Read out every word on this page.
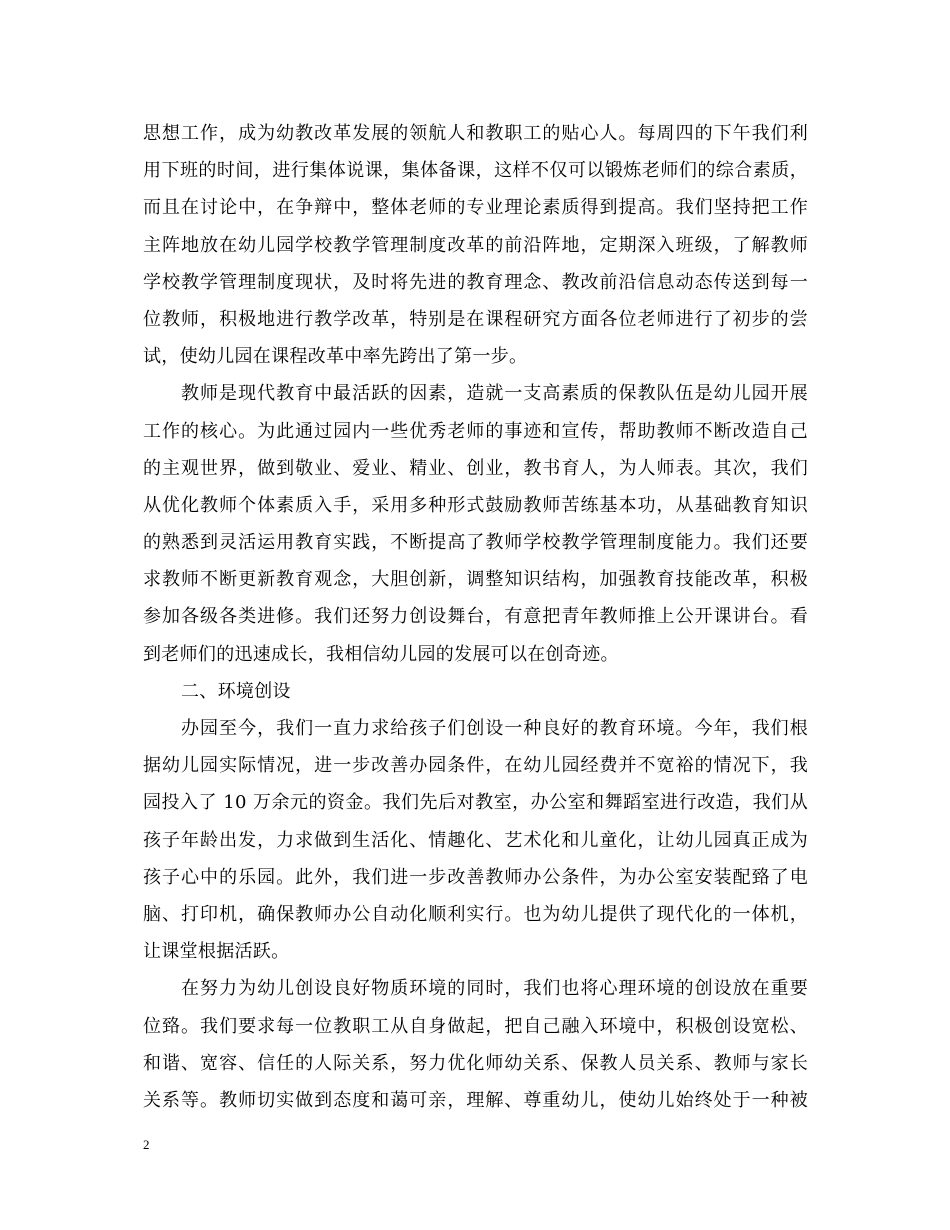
思想工作，成为幼教改革发展的领航人和教职工的贴心人。每周四的下午我们利
用下班的时间，进行集体说课，集体备课，这样不仅可以锻炼老师们的综合素质，
而且在讨论中，在争辩中，整体老师的专业理论素质得到提高。我们坚持把工作
主阵地放在幼儿园学校教学管理制度改革的前沿阵地，定期深入班级，了解教师
学校教学管理制度现状，及时将先进的教育理念、教改前沿信息动态传送到每一
位教师，积极地进行教学改革，特别是在课程研究方面各位老师进行了初步的尝
试，使幼儿园在课程改革中率先跨出了第一步。
教师是现代教育中最活跃的因素，造就一支高素质的保教队伍是幼儿园开展
工作的核心。为此通过园内一些优秀老师的事迹和宣传，帮助教师不断改造自己
的主观世界，做到敬业、爱业、精业、创业，教书育人，为人师表。其次，我们
从优化教师个体素质入手，采用多种形式鼓励教师苦练基本功，从基础教育知识
的熟悉到灵活运用教育实践，不断提高了教师学校教学管理制度能力。我们还要
求教师不断更新教育观念，大胆创新，调整知识结构，加强教育技能改革，积极
参加各级各类进修。我们还努力创设舞台，有意把青年教师推上公开课讲台。看
到老师们的迅速成长，我相信幼儿园的发展可以在创奇迹。
二、环境创设
办园至今，我们一直力求给孩子们创设一种良好的教育环境。今年，我们根
据幼儿园实际情况，进一步改善办园条件，在幼儿园经费并不宽裕的情况下，我
园投入了 10 万余元的资金。我们先后对教室，办公室和舞蹈室进行改造，我们从
孩子年龄出发，力求做到生活化、情趣化、艺术化和儿童化，让幼儿园真正成为
孩子心中的乐园。此外，我们进一步改善教师办公条件，为办公室安装配臵了电
脑、打印机，确保教师办公自动化顺利实行。也为幼儿提供了现代化的一体机，
让课堂根据活跃。
在努力为幼儿创设良好物质环境的同时，我们也将心理环境的创设放在重要
位臵。我们要求每一位教职工从自身做起，把自己融入环境中，积极创设宽松、
和谐、宽容、信任的人际关系，努力优化师幼关系、保教人员关系、教师与家长
关系等。教师切实做到态度和蔼可亲，理解、尊重幼儿，使幼儿始终处于一种被
2
